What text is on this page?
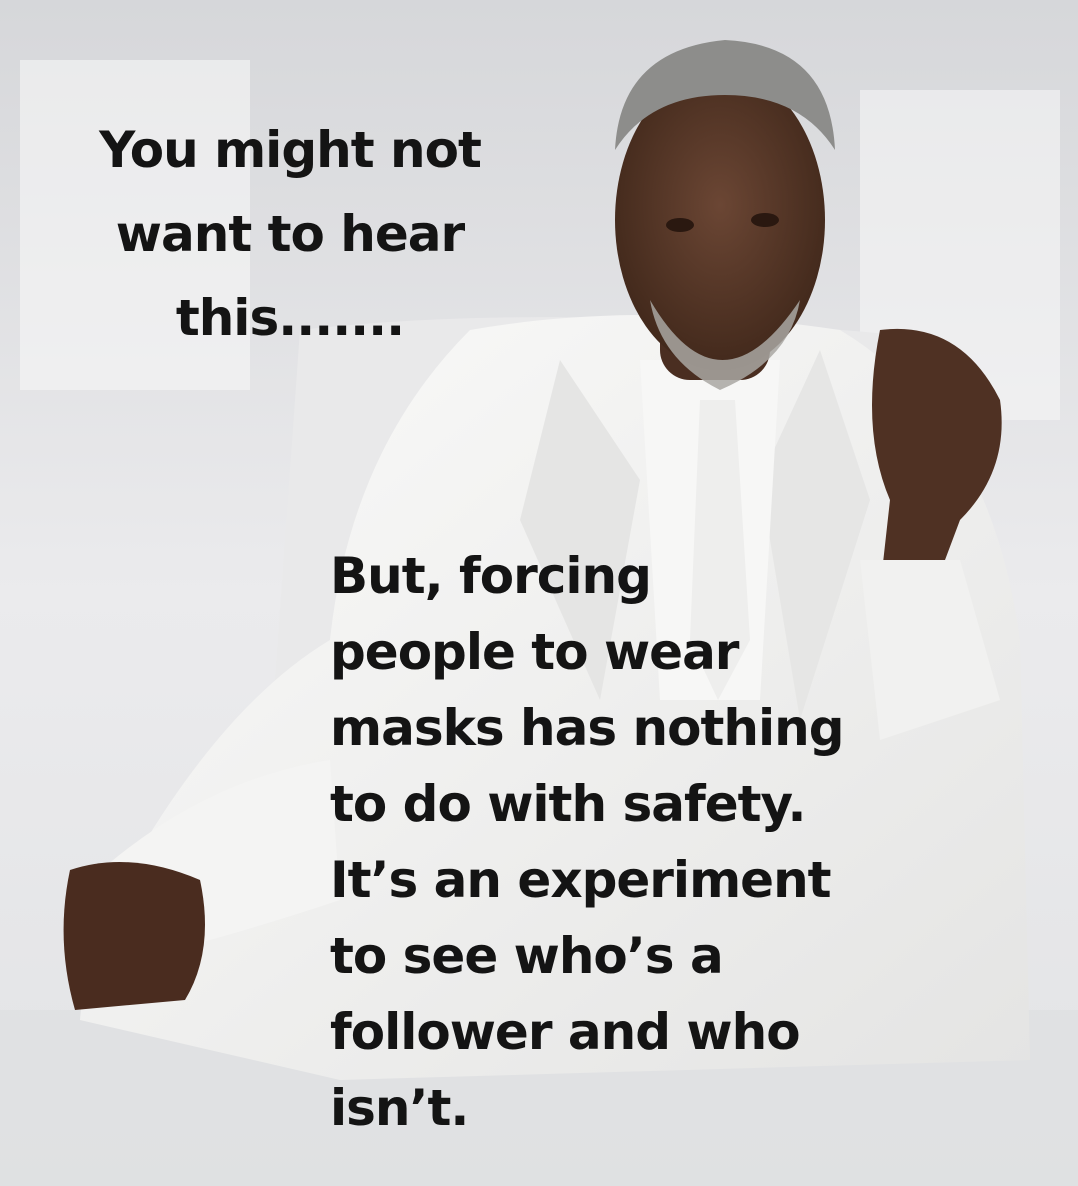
You might not
want to hear
this.......

But, forcing
people to wear
masks has nothing
to do with safety.
It’s an experiment
to see who’s a
follower and who
isn’t.
